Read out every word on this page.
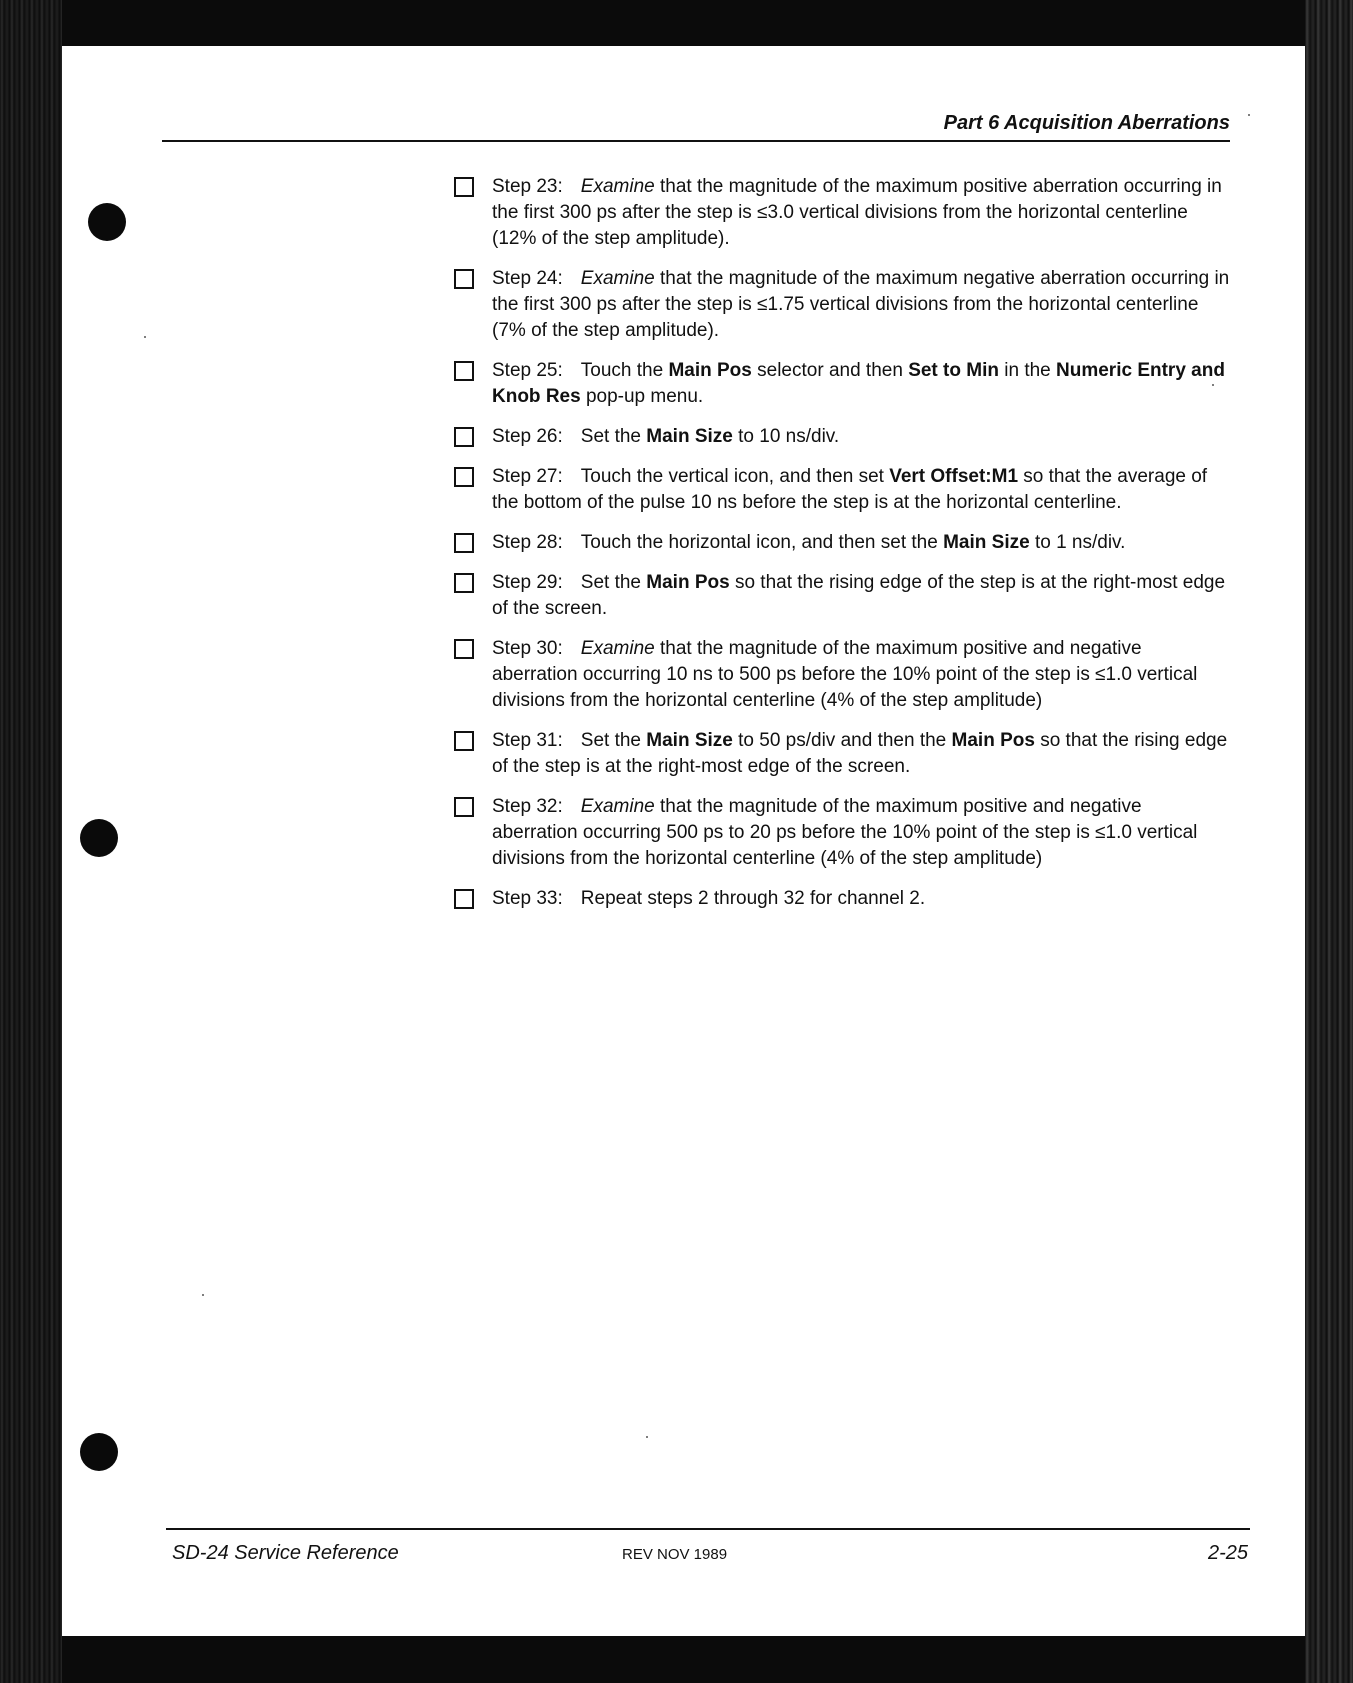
Part 6 Acquisition Aberrations
Step 23: Examine that the magnitude of the maximum positive aberration occurring in the first 300 ps after the step is ≤3.0 vertical divisions from the horizontal centerline (12% of the step amplitude).
Step 24: Examine that the magnitude of the maximum negative aberration occurring in the first 300 ps after the step is ≤1.75 vertical divisions from the horizontal centerline (7% of the step amplitude).
Step 25: Touch the Main Pos selector and then Set to Min in the Numeric Entry and Knob Res pop-up menu.
Step 26: Set the Main Size to 10 ns/div.
Step 27: Touch the vertical icon, and then set Vert Offset:M1 so that the average of the bottom of the pulse 10 ns before the step is at the horizontal centerline.
Step 28: Touch the horizontal icon, and then set the Main Size to 1 ns/div.
Step 29: Set the Main Pos so that the rising edge of the step is at the right-most edge of the screen.
Step 30: Examine that the magnitude of the maximum positive and negative aberration occurring 10 ns to 500 ps before the 10% point of the step is ≤1.0 vertical divisions from the horizontal centerline (4% of the step amplitude)
Step 31: Set the Main Size to 50 ps/div and then the Main Pos so that the rising edge of the step is at the right-most edge of the screen.
Step 32: Examine that the magnitude of the maximum positive and negative aberration occurring 500 ps to 20 ps before the 10% point of the step is ≤1.0 vertical divisions from the horizontal centerline (4% of the step amplitude)
Step 33: Repeat steps 2 through 32 for channel 2.
SD-24 Service Reference	REV NOV 1989	2-25
